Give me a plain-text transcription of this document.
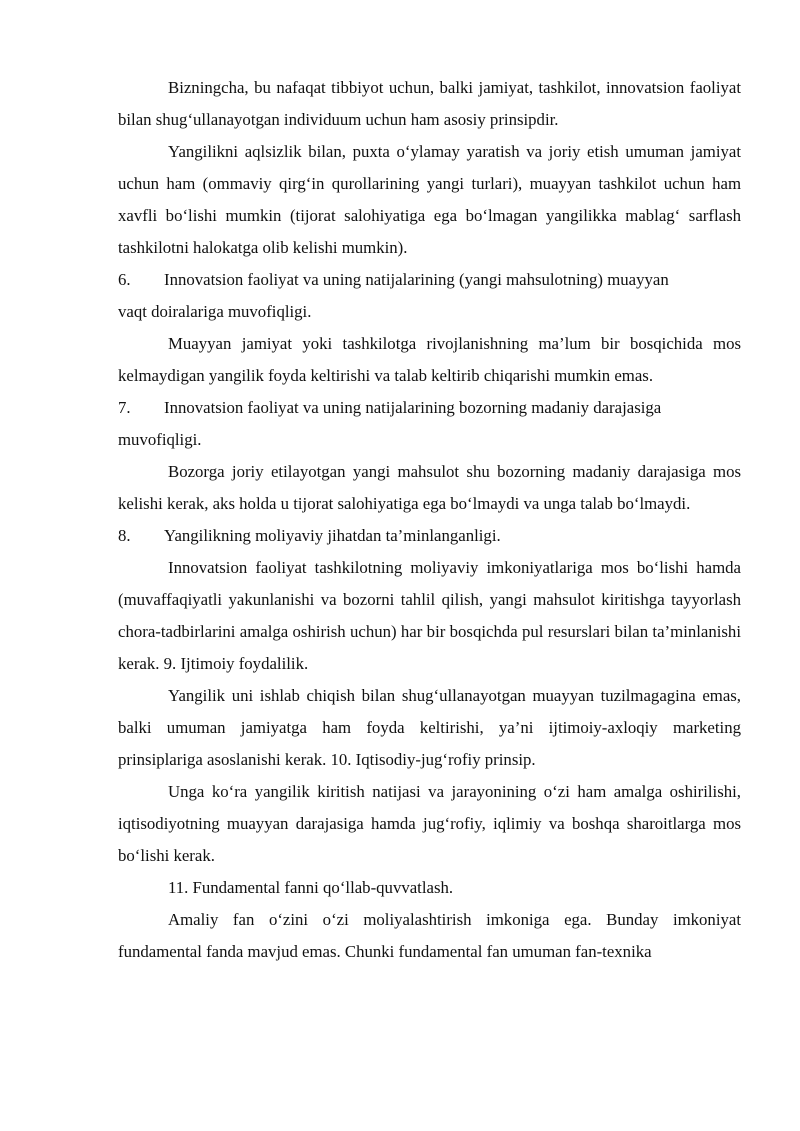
Bizningcha, bu nafaqat tibbiyot uchun, balki jamiyat, tashkilot, innovatsion faoliyat bilan shug‘ullanayotgan individuum uchun ham asosiy prinsipdir.

Yangilikni aqlsizlik bilan, puxta o‘ylamay yaratish va joriy etish umuman jamiyat uchun ham (ommaviy qirg‘in qurollarining yangi turlari), muayyan tashkilot uchun ham xavfli bo‘lishi mumkin (tijorat salohiyatiga ega bo‘lmagan yangilikka mablag‘ sarflash tashkilotni halokatga olib kelishi mumkin).

6.	Innovatsion faoliyat va uning natijalarining (yangi mahsulotning) muayyan

vaqt doiralariga muvofiqligi.

Muayyan jamiyat yoki tashkilotga rivojlanishning ma’lum bir bosqichida mos kelmaydigan yangilik foyda keltirishi va talab keltirib chiqarishi mumkin emas.

7.	Innovatsion faoliyat va uning natijalarining bozorning madaniy darajasiga

muvofiqligi.

Bozorga joriy etilayotgan yangi mahsulot shu bozorning madaniy darajasiga mos kelishi kerak, aks holda u tijorat salohiyatiga ega bo‘lmaydi va unga talab bo‘lmaydi.

8.	Yangilikning moliyaviy jihatdan ta’minlanganligi.

Innovatsion faoliyat tashkilotning moliyaviy imkoniyatlariga mos bo‘lishi hamda (muvaffaqiyatli yakunlanishi va bozorni tahlil qilish, yangi mahsulot kiritishga tayyorlash chora-tadbirlarini amalga oshirish uchun) har bir bosqichda pul resurslari bilan ta’minlanishi kerak. 9. Ijtimoiy foydalilik.

Yangilik uni ishlab chiqish bilan shug‘ullanayotgan muayyan tuzilmagagina emas, balki umuman jamiyatga ham foyda keltirishi, ya’ni ijtimoiy-axloqiy marketing prinsiplariga asoslanishi kerak. 10. Iqtisodiy-jug‘rofiy prinsip.

Unga ko‘ra yangilik kiritish natijasi va jarayonining o‘zi ham amalga oshirilishi, iqtisodiyotning muayyan darajasiga hamda jug‘rofiy, iqlimiy va boshqa sharoitlarga mos bo‘lishi kerak.

11. Fundamental fanni qo‘llab-quvvatlash.

Amaliy fan o‘zini o‘zi moliyalashtirish imkoniga ega. Bunday imkoniyat fundamental fanda mavjud emas. Chunki fundamental fan umuman fan-texnika
